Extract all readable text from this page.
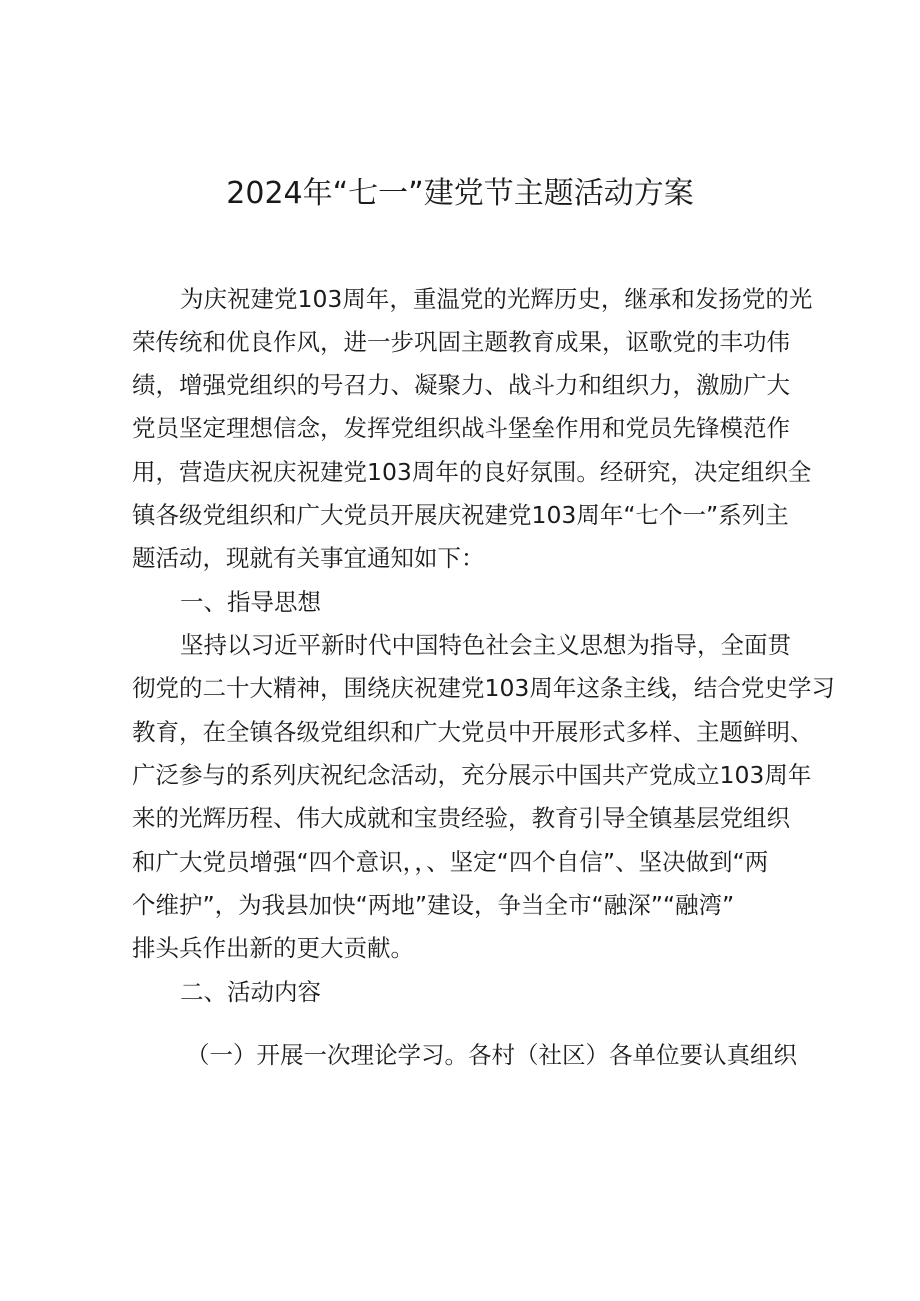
2024年“七一”建党节主题活动方案

为庆祝建党103周年，重温党的光辉历史，继承和发扬党的光

荣传统和优良作风，进一步巩固主题教育成果，讴歌党的丰功伟

绩，增强党组织的号召力、凝聚力、战斗力和组织力，激励广大

党员坚定理想信念，发挥党组织战斗堡垒作用和党员先锋模范作

用，营造庆祝庆祝建党103周年的良好氛围。经研究，决定组织全

镇各级党组织和广大党员开展庆祝建党103周年“七个一”系列主

题活动，现就有关事宜通知如下：

一、指导思想

坚持以习近平新时代中国特色社会主义思想为指导，全面贯

彻党的二十大精神，围绕庆祝建党103周年这条主线，结合党史学习

教育，在全镇各级党组织和广大党员中开展形式多样、主题鲜明、

广泛参与的系列庆祝纪念活动，充分展示中国共产党成立103周年

来的光辉历程、伟大成就和宝贵经验，教育引导全镇基层党组织

和广大党员增强“四个意识，，、坚定“四个自信”、坚决做到“两

个维护”，为我县加快“两地”建设，争当全市“融深”“融湾”

排头兵作出新的更大贡献。

二、活动内容

（一）开展一次理论学习。各村（社区）各单位要认真组织
